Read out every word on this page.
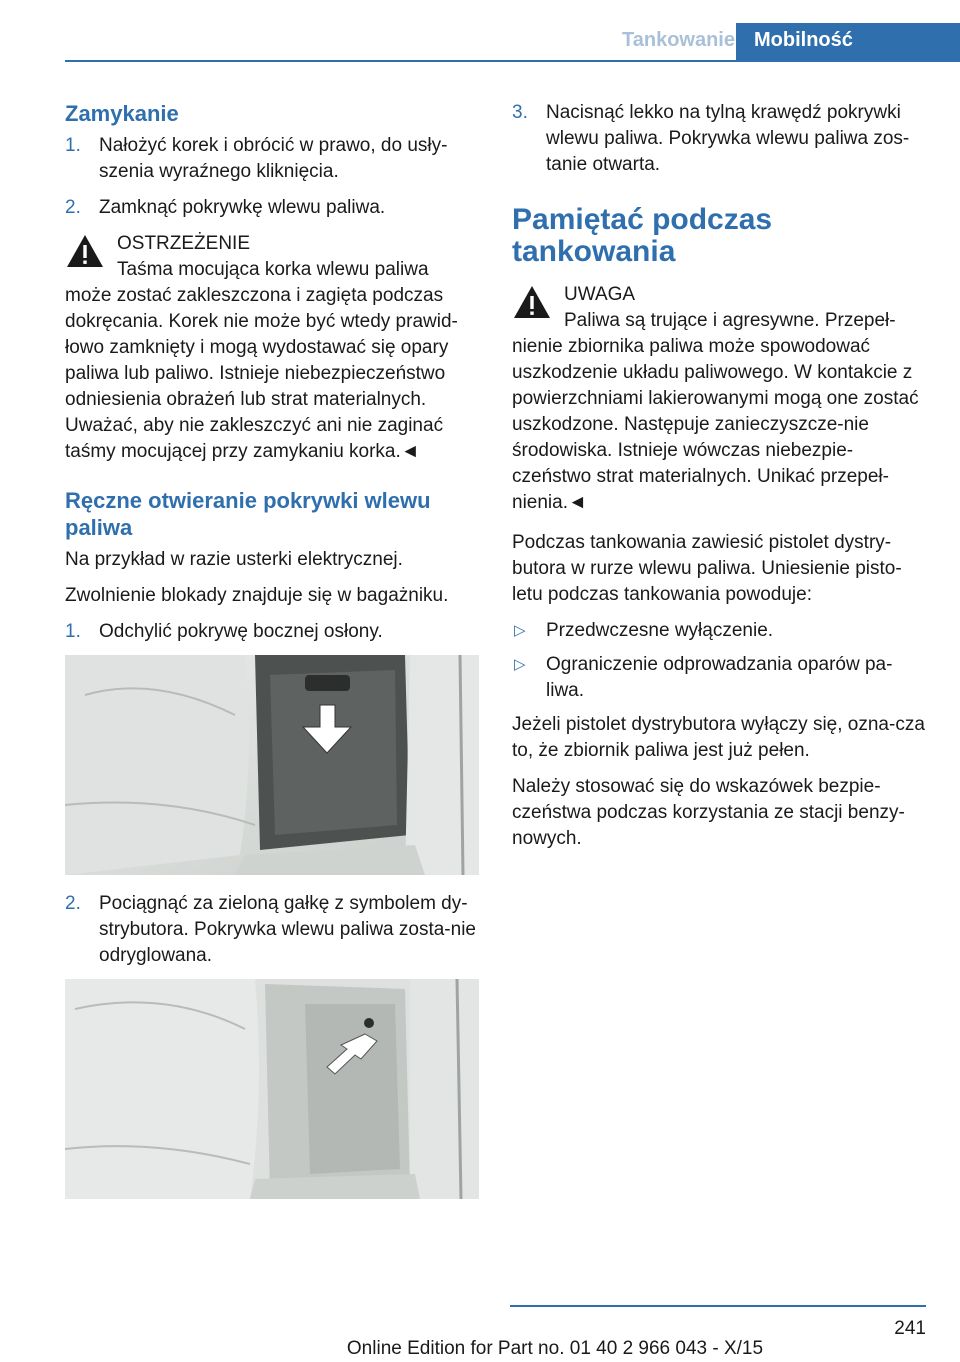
Tankowanie Mobilność
Zamykanie
1. Nałożyć korek i obrócić w prawo, do usły‐szenia wyraźnego kliknięcia.
2. Zamknąć pokrywkę wlewu paliwa.
OSTRZEŻENIE
Taśma mocująca korka wlewu paliwa może zostać zakleszczona i zagięta podczas dokręcania. Korek nie może być wtedy prawid‐łowo zamknięty i mogą wydostawać się opary paliwa lub paliwo. Istnieje niebezpieczeństwo odniesienia obrażeń lub strat materialnych. Uważać, aby nie zakleszczyć ani nie zaginać taśmy mocującej przy zamykaniu korka.◄
Ręczne otwieranie pokrywki wlewu paliwa

Na przykład w razie usterki elektrycznej.

Zwolnienie blokady znajduje się w bagażniku.

1. Odchylić pokrywę bocznej osłony.
2. Pociągnąć za zieloną gałkę z symbolem dy‐strybutora. Pokrywka wlewu paliwa zosta‐nie odryglowana.
3. Nacisnąć lekko na tylną krawędź pokrywki wlewu paliwa. Pokrywka wlewu paliwa zos‐tanie otwarta.
Pamiętać podczas tankowania
UWAGA
Paliwa są trujące i agresywne. Przepeł‐nienie zbiornika paliwa może spowodować uszkodzenie układu paliwowego. W kontakcie z powierzchniami lakierowanymi mogą one zostać uszkodzone. Następuje zanieczyszcze‐nie środowiska. Istnieje wówczas niebezpie‐czeństwo strat materialnych. Unikać przepeł‐nienia.◄

Podczas tankowania zawiesić pistolet dystry‐butora w rurze wlewu paliwa. Uniesienie pisto‐letu podczas tankowania powoduje:

▷ Przedwczesne wyłączenie.
▷ Ograniczenie odprowadzania oparów pa‐liwa.

Jeżeli pistolet dystrybutora wyłączy się, ozna‐cza to, że zbiornik paliwa jest już pełen.

Należy stosować się do wskazówek bezpie‐czeństwa podczas korzystania ze stacji benzy‐nowych.

241
Online Edition for Part no. 01 40 2 966 043 - X/15
